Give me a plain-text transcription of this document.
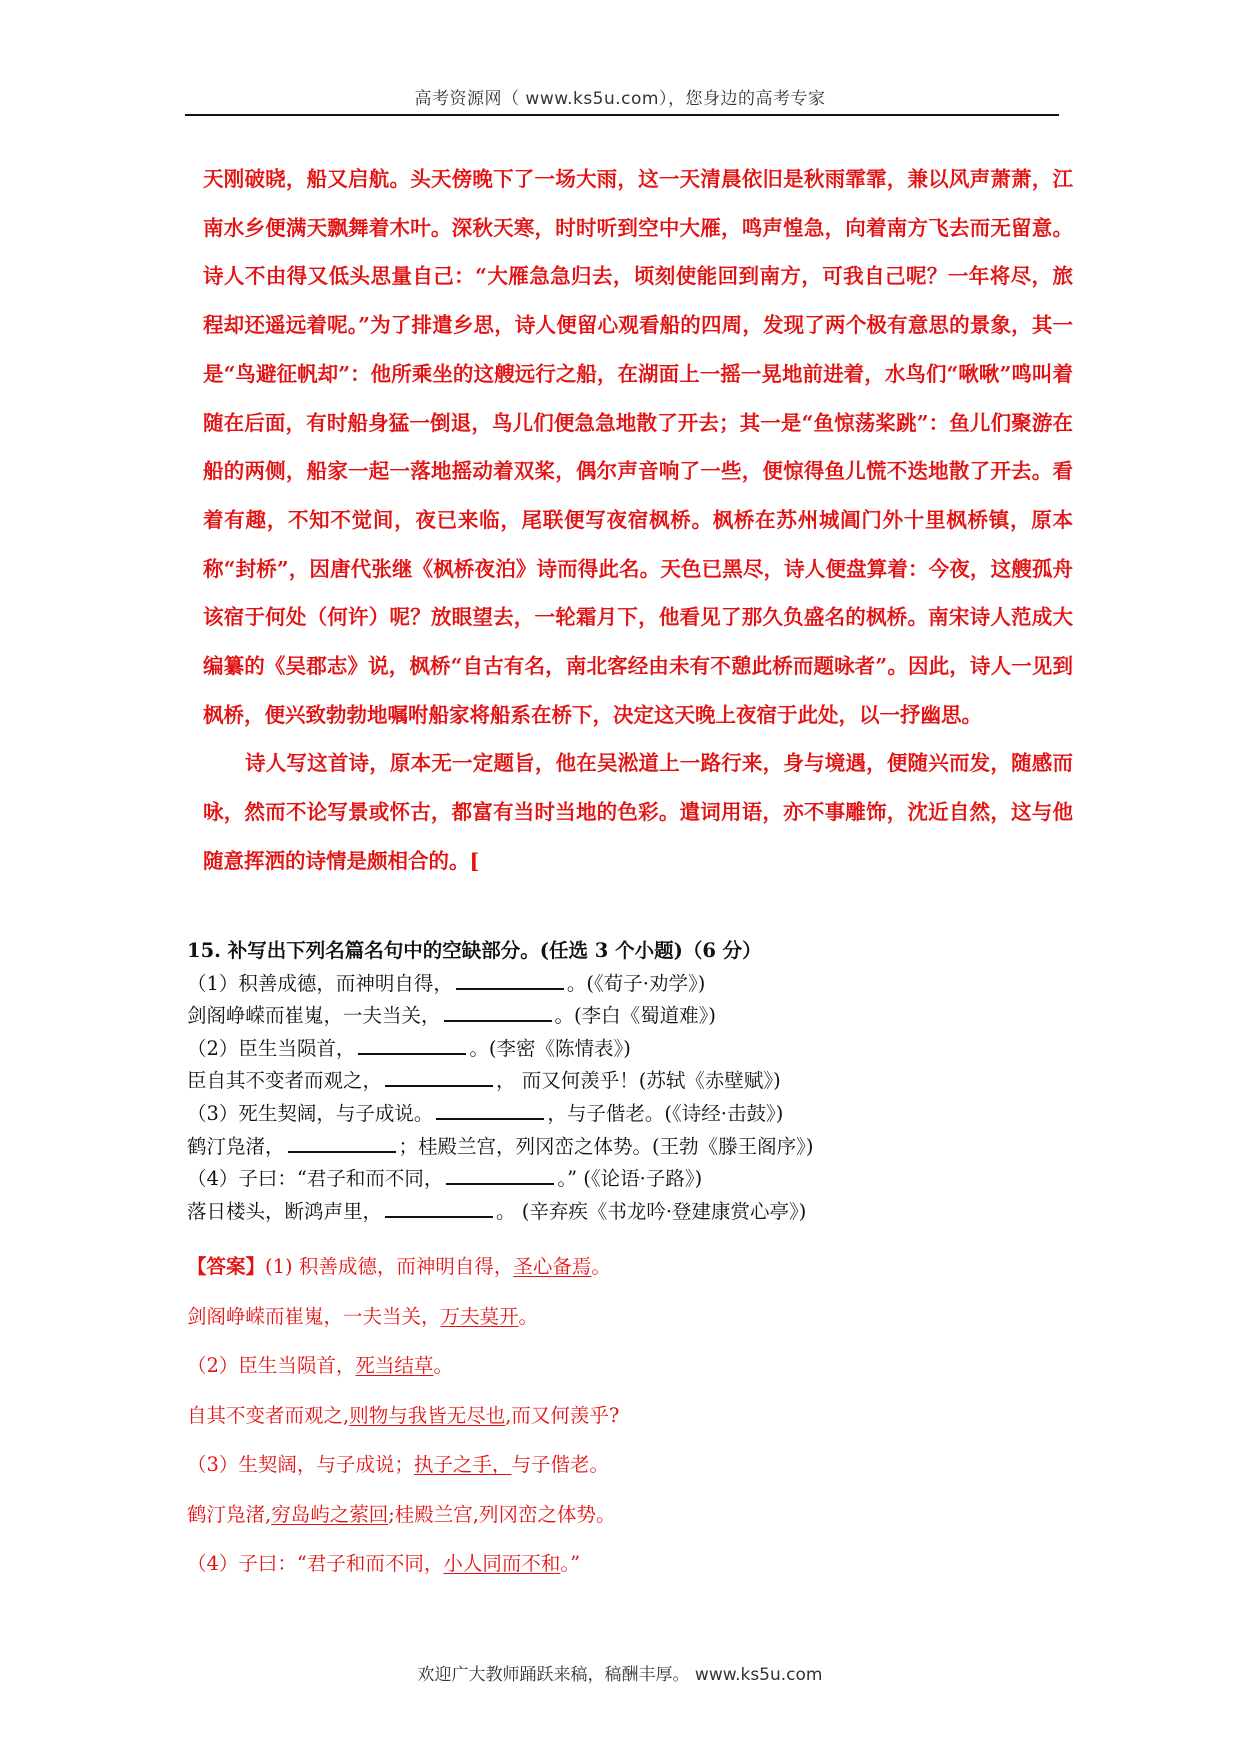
高考资源网（ www.ks5u.com），您身边的高考专家

天刚破晓，船又启航。头天傍晚下了一场大雨，这一天清晨依旧是秋雨霏霏，兼以风声萧萧，江南水乡便满天飘舞着木叶。深秋天寒，时时听到空中大雁，鸣声惶急，向着南方飞去而无留意。诗人不由得又低头思量自己：“大雁急急归去，顷刻使能回到南方，可我自己呢？一年将尽，旅程却还遥远着呢。”为了排遣乡思，诗人便留心观看船的四周，发现了两个极有意思的景象，其一是“鸟避征帆却”：他所乘坐的这艘远行之船，在湖面上一摇一晃地前进着，水鸟们“啾啾”鸣叫着随在后面，有时船身猛一倒退，鸟儿们便急急地散了开去；其一是“鱼惊荡桨跳”：鱼儿们聚游在船的两侧，船家一起一落地摇动着双桨，偶尔声音响了一些，便惊得鱼儿慌不迭地散了开去。看着有趣，不知不觉间，夜已来临，尾联便写夜宿枫桥。枫桥在苏州城阊门外十里枫桥镇，原本称“封桥”，因唐代张继《枫桥夜泊》诗而得此名。天色已黑尽，诗人便盘算着：今夜，这艘孤舟该宿于何处（何许）呢？放眼望去，一轮霜月下，他看见了那久负盛名的枫桥。南宋诗人范成大编纂的《吴郡志》说，枫桥“自古有名，南北客经由未有不憩此桥而题咏者”。因此，诗人一见到枫桥，便兴致勃勃地嘱咐船家将船系在桥下，决定这天晚上夜宿于此处，以一抒幽思。

诗人写这首诗，原本无一定题旨，他在吴淞道上一路行来，身与境遇，便随兴而发，随感而咏，然而不论写景或怀古，都富有当时当地的色彩。遣词用语，亦不事雕饰，沈近自然，这与他随意挥洒的诗情是颇相合的。[

15. 补写出下列名篇名句中的空缺部分。(任选 3 个小题)（6 分）
（1）积善成德，而神明自得，	。(《荀子·劝学》)
剑阁峥嵘而崔嵬，一夫当关，	。(李白《蜀道难》)
（2）臣生当陨首，	。(李密《陈情表》)
臣自其不变者而观之，	， 而又何羡乎！(苏轼《赤壁赋》)
（3）死生契阔，与子成说。	，与子偕老。(《诗经·击鼓》)
鹤汀凫渚，	；桂殿兰宫，列冈峦之体势。(王勃《滕王阁序》)
（4）子曰：“君子和而不同，	。” (《论语·子路》)
落日楼头，断鸿声里，	。 (辛弃疾《书龙吟·登建康赏心亭》)
【答案】(1) 积善成德，而神明自得，圣心备焉。
剑阁峥嵘而崔嵬，一夫当关，万夫莫开。
（2）臣生当陨首，死当结草。
自其不变者而观之,则物与我皆无尽也,而又何羡乎?
（3）生契阔，与子成说；执子之手，与子偕老。
鹤汀凫渚,穷岛屿之萦回;桂殿兰宫,列冈峦之体势。
（4）子曰：“君子和而不同，小人同而不和。”
欢迎广大教师踊跃来稿，稿酬丰厚。 www.ks5u.com
